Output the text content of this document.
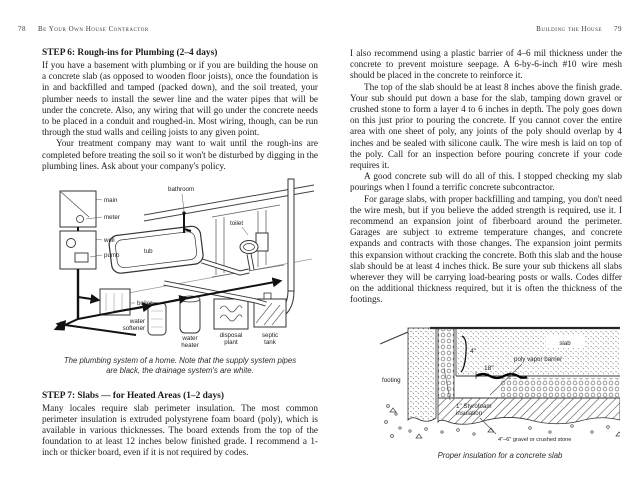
78 Be Your Own House Contractor
STEP 6: Rough-ins for Plumbing (2–4 days)

If you have a basement with plumbing or if you are building the house on a concrete slab (as opposed to wooden floor joists), once the foundation is in and backfilled and tamped (packed down), and the soil treated, your plumber needs to install the sewer line and the water pipes that will be under the concrete. Also, any wiring that will go under the concrete needs to be placed in a conduit and roughed-in. Most wiring, though, can be run through the stud walls and ceiling joists to any given point.

Your treatment company may want to wait until the rough-ins are completed before treating the soil so it won't be disturbed by digging in the plumbing lines. Ask about your company's policy.

main
meter
well
pump
bathroom
toilet
tub
boiler
water
softener
water
heater
disposal
plant
septic
tank
The plumbing system of a home. Note that the supply system pipes are black, the drainage system's are white.
STEP 7: Slabs — for Heated Areas (1–2 days)

Many locales require slab perimeter insulation. The most common perimeter insulation is extruded polystyrene foam board (poly), which is available in various thicknesses. The board extends from the top of the foundation to at least 12 inches below finished grade. I recommend a 1-inch or thicker board, even if it is not required by codes.

Building the House 79

I also recommend using a plastic barrier of 4–6 mil thickness under the concrete to prevent moisture seepage. A 6-by-6-inch #10 wire mesh should be placed in the concrete to reinforce it.

The top of the slab should be at least 8 inches above the finish grade. Your sub should put down a base for the slab, tamping down gravel or crushed stone to form a layer 4 to 6 inches in depth. The poly goes down on this just prior to pouring the concrete. If you cannot cover the entire area with one sheet of poly, any joints of the poly should overlap by 4 inches and be sealed with silicone caulk. The wire mesh is laid on top of the poly. Call for an inspection before pouring concrete if your code requires it.

A good concrete sub will do all of this. I stopped checking my slab pourings when I found a terrific concrete subcontractor.

For garage slabs, with proper backfilling and tamping, you don't need the wire mesh, but if you believe the added strength is required, use it. I recommend an expansion joint of fiberboard around the perimeter. Garages are subject to extreme temperature changes, and concrete expands and contracts with those changes. The expansion joint permits this expansion without cracking the concrete. Both this slab and the house slab should be at least 4 inches thick. Be sure your sub thickens all slabs wherever they will be carrying load-bearing posts or walls. Codes differ on the additional thickness required, but it is often the thickness of the footings.

footing
4"
18"
slab
poly vapor barrier
1" Styrofoam
insulation
4"–6" gravel or crushed stone
Proper insulation for a concrete slab
